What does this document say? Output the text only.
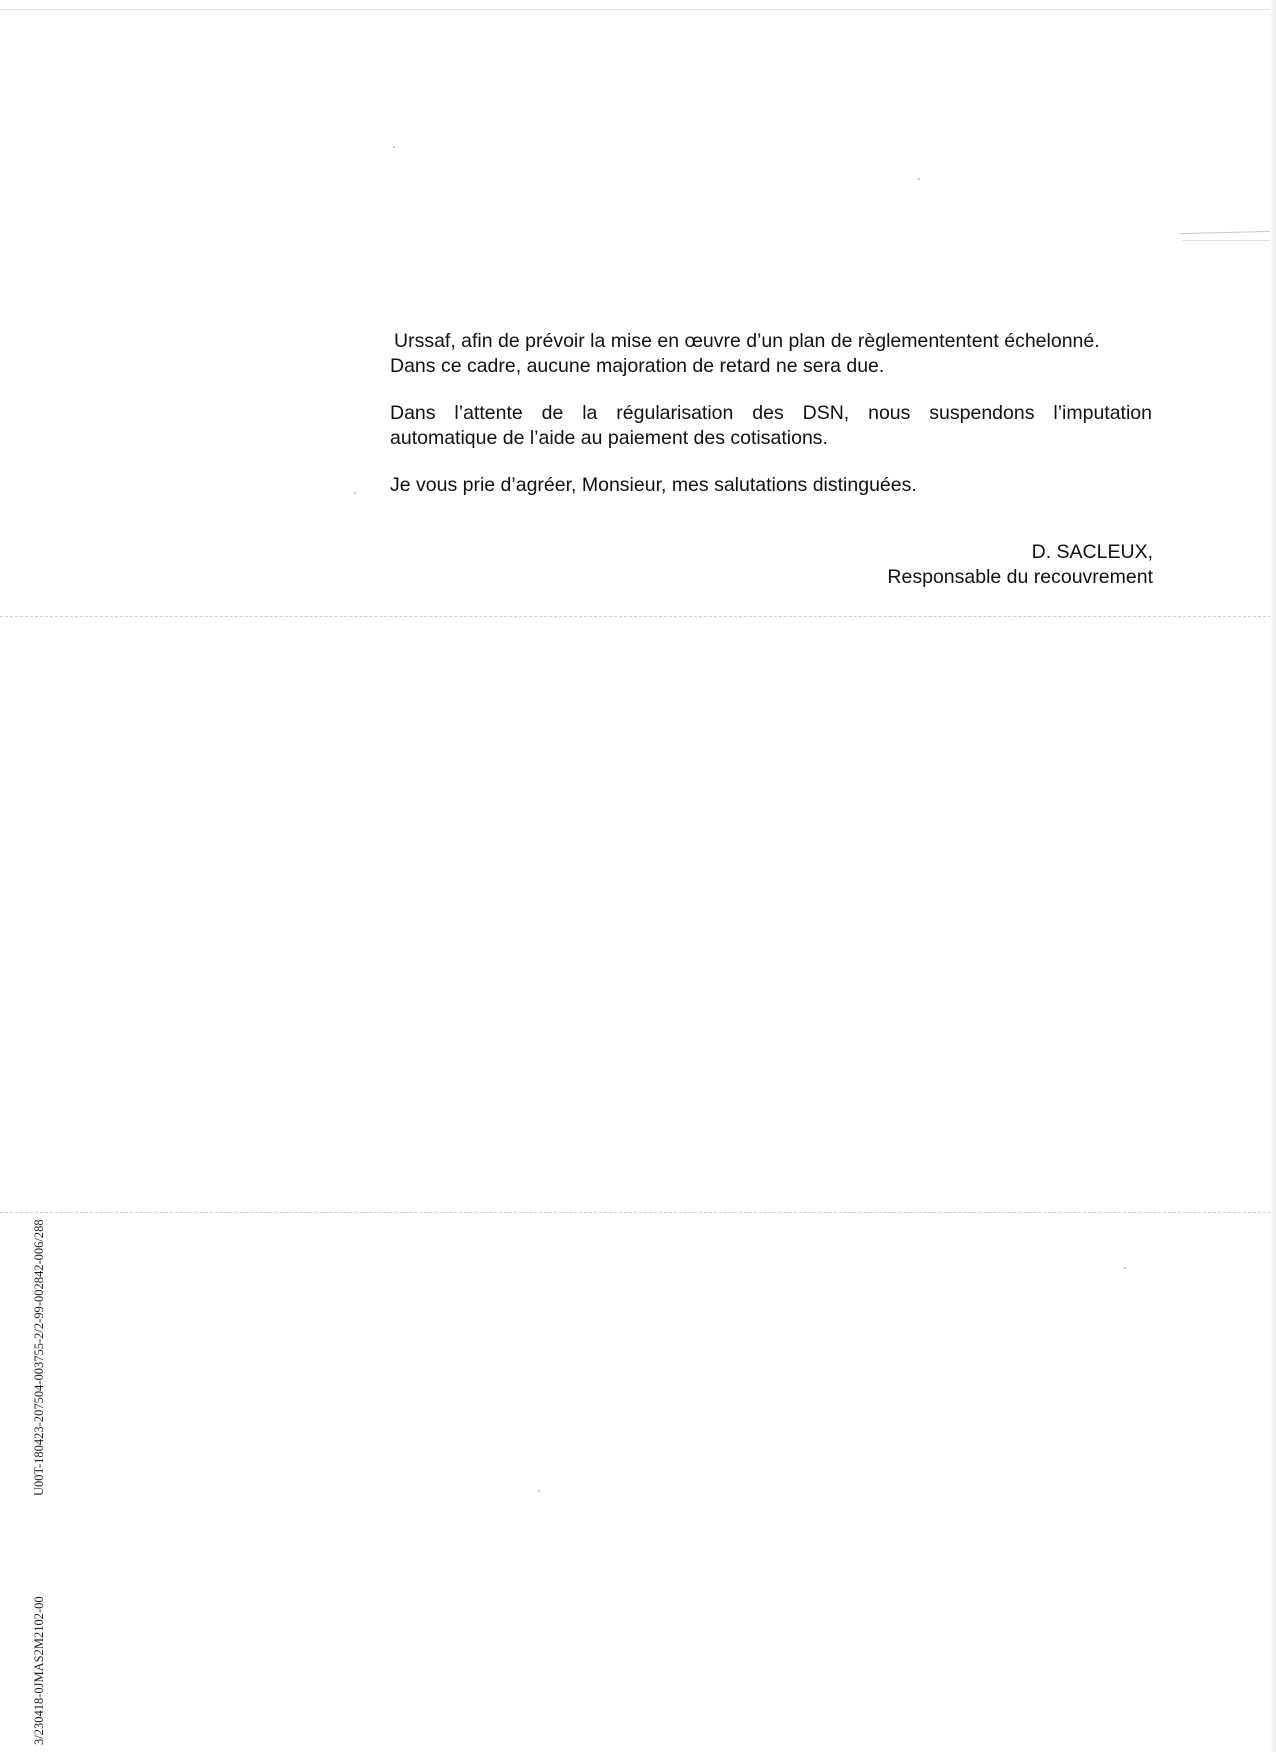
Urssaf, afin de prévoir la mise en œuvre d’un plan de règlemententent échelonné.
Dans ce cadre, aucune majoration de retard ne sera due.

Dans l’attente de la régularisation des DSN, nous suspendons l’imputation
automatique de l’aide au paiement des cotisations.

Je vous prie d’agréer, Monsieur, mes salutations distinguées.

D. SACLEUX,
Responsable du recouvrement
U00T-180423-207504-003755-2/2-99-002842-006/288
3/230418-0JMAS2M2102-00
